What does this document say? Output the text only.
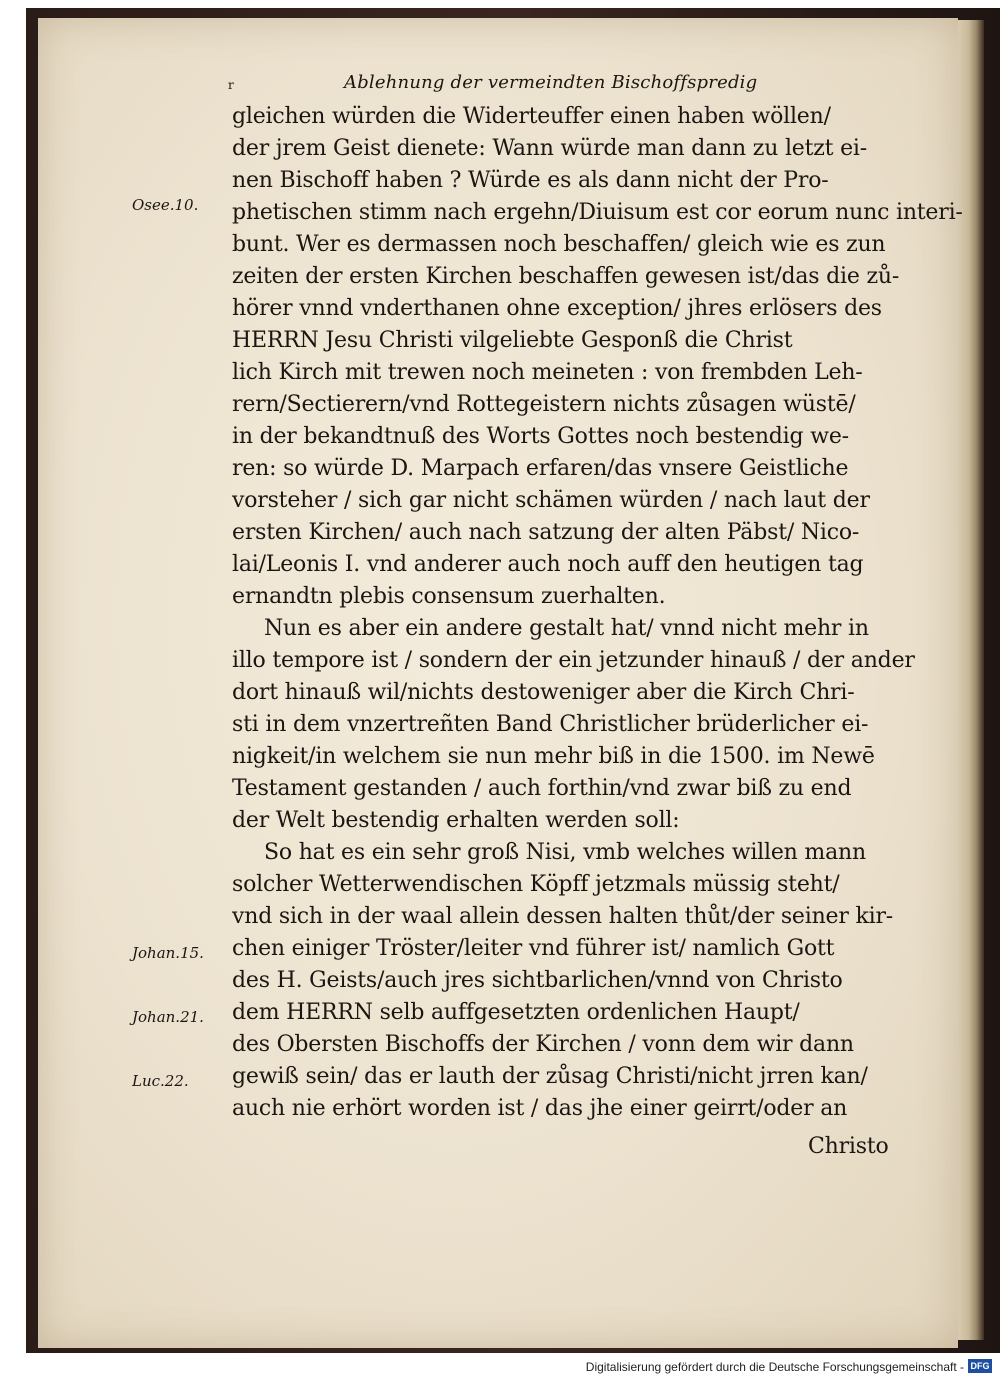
r	Ablehnung der vermeindten Bischoffspredig
gleichen würden die Widerteuffer einen haben wöllen/
der jrem Geist dienete: Wann würde man dann zu letzt ei-
nen Bischoff haben ? Würde es als dann nicht der Pro-
phetischen stimm nach ergehn/Diuisum est cor eorum nunc interi-
bunt. Wer es dermassen noch beschaffen/ gleich wie es zun
zeiten der ersten Kirchen beschaffen gewesen ist/das die zů-
hörer vnnd vnderthanen ohne exception/ jhres erlösers des
HERRN Jesu Christi vilgeliebte Gesponß die Christ
lich Kirch mit trewen noch meineten : von frembden Leh-
rern/Sectierern/vnd Rottegeistern nichts zůsagen wüstē/
in der bekandtnuß des Worts Gottes noch bestendig we-
ren: so würde D. Marpach erfaren/das vnsere Geistliche
vorsteher / sich gar nicht schämen würden / nach laut der
ersten Kirchen/ auch nach satzung der alten Päbst/ Nico-
lai/Leonis I. vnd anderer auch noch auff den heutigen tag
ernandtn plebis consensum zuerhalten.
Nun es aber ein andere gestalt hat/ vnnd nicht mehr in
illo tempore ist / sondern der ein jetzunder hinauß / der ander
dort hinauß wil/nichts destoweniger aber die Kirch Chri-
sti in dem vnzertreñten Band Christlicher brüderlicher ei-
nigkeit/in welchem sie nun mehr biß in die 1500. im Newē
Testament gestanden / auch forthin/vnd zwar biß zu end
der Welt bestendig erhalten werden soll:
So hat es ein sehr groß Nisi, vmb welches willen mann
solcher Wetterwendischen Köpff jetzmals müssig steht/
vnd sich in der waal allein dessen halten thůt/der seiner kir-
chen einiger Tröster/leiter vnd führer ist/ namlich Gott
des H. Geists/auch jres sichtbarlichen/vnnd von Christo
dem HERRN selb auffgesetzten ordenlichen Haupt/
des Obersten Bischoffs der Kirchen / vonn dem wir dann
gewiß sein/ das er lauth der zůsag Christi/nicht jrren kan/
auch nie erhört worden ist / das jhe einer geirrt/oder an
Christo
Osee.10.
Johan.15.
Johan.21.
Luc.22.
Digitalisierung gefördert durch die Deutsche Forschungsgemeinschaft - DFG
